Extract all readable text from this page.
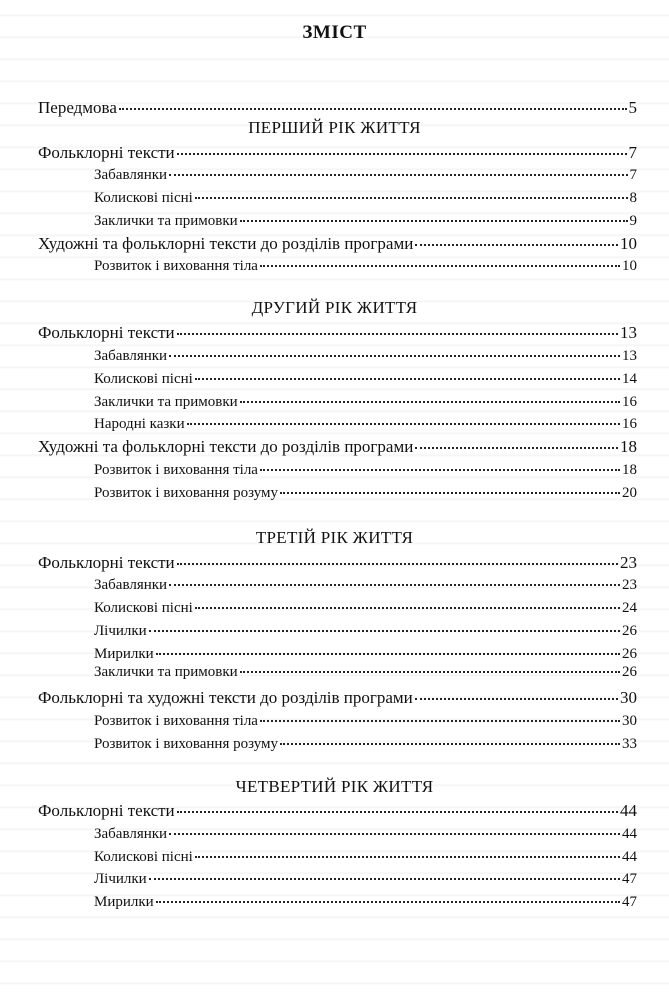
ЗМІСТ
Передмова	5
ПЕРШИЙ РІК ЖИТТЯ
Фольклорні тексти	7
Забавлянки	7
Колискові пісні	8
Заклички та примовки	9
Художні та фольклорні тексти до розділів програми	10
Розвиток і виховання тіла	10
ДРУГИЙ РІК ЖИТТЯ
Фольклорні тексти	13
Забавлянки	13
Колискові пісні	14
Заклички та примовки	16
Народні казки	16
Художні та фольклорні тексти до розділів програми	18
Розвиток і виховання тіла	18
Розвиток і виховання розуму	20
ТРЕТІЙ РІК ЖИТТЯ
Фольклорні тексти	23
Забавлянки	23
Колискові пісні	24
Лічилки	26
Мирилки	26
Заклички та примовки	26
Фольклорні та художні тексти до розділів програми	30
Розвиток і виховання тіла	30
Розвиток і виховання розуму	33
ЧЕТВЕРТИЙ РІК ЖИТТЯ
Фольклорні тексти	44
Забавлянки	44
Колискові пісні	44
Лічилки	47
Мирилки	47
